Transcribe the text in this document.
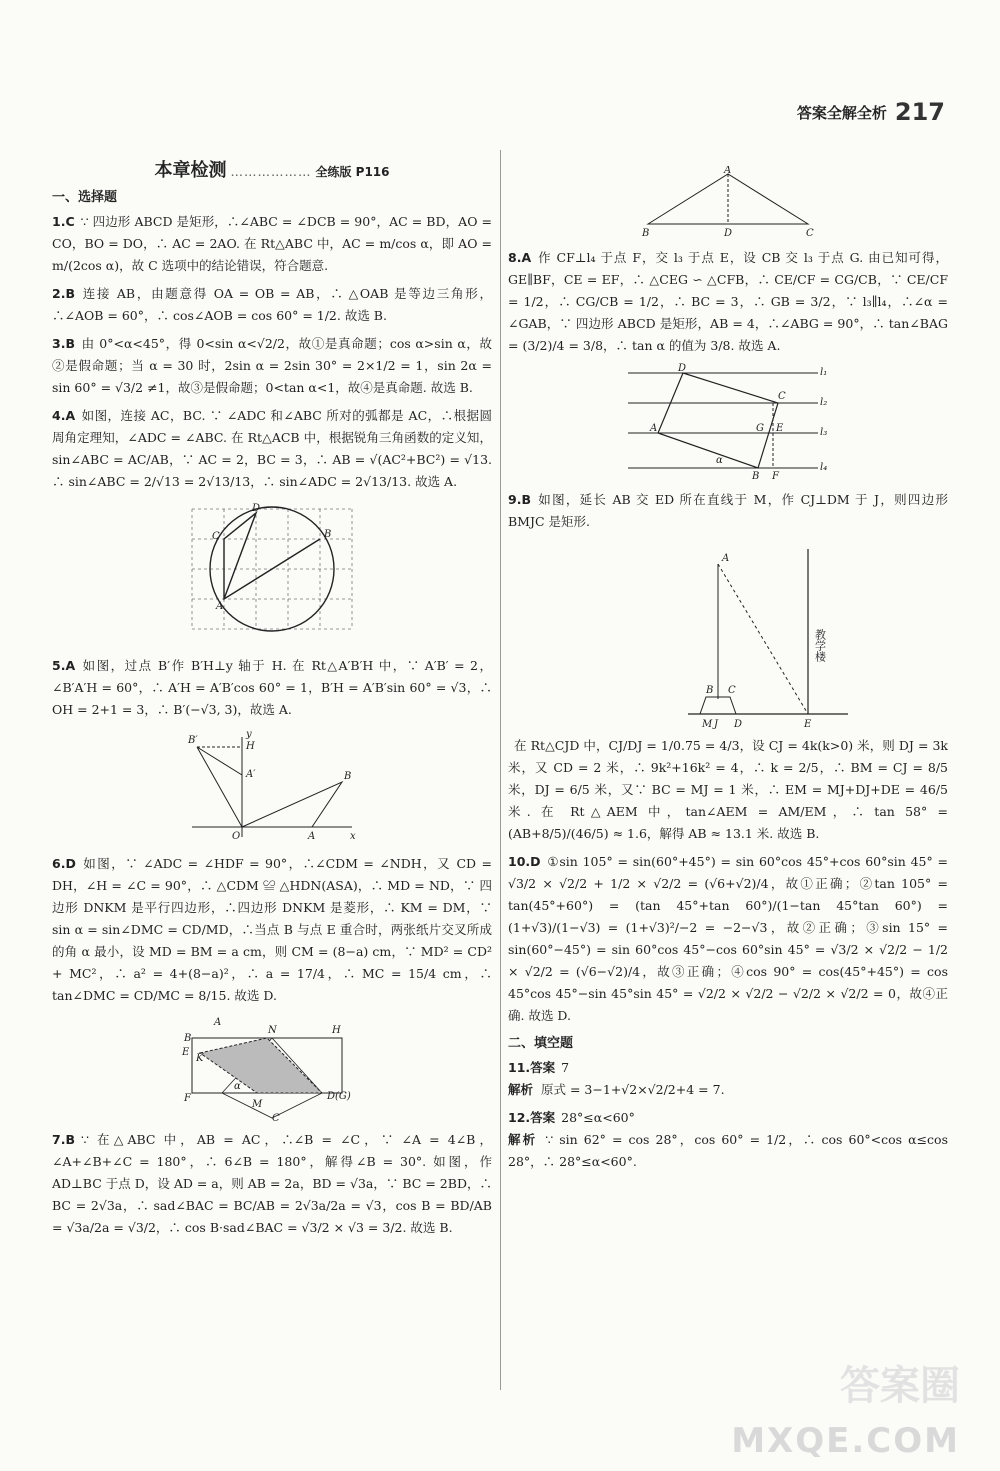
答案全解全析 217
本章检测 ……………… 全练版 P116
一、选择题
1.C ∵ 四边形 ABCD 是矩形，∴∠ABC = ∠DCB = 90°，AC = BD，AO = CO，BO = DO，∴ AC = 2AO. 在 Rt△ABC 中，AC = m/cos α，即 AO = m/(2cos α)，故 C 选项中的结论错误，符合题意.
2.B 连接 AB，由题意得 OA = OB = AB，∴ △OAB 是等边三角形，∴∠AOB = 60°，∴ cos∠AOB = cos 60° = 1/2. 故选 B.
3.B 由 0°<α<45°，得 0<sin α<√2/2，故①是真命题；cos α>sin α，故②是假命题；当 α = 30 时，2sin α = 2sin 30° = 2×1/2 = 1，sin 2α = sin 60° = √3/2 ≠1，故③是假命题；0<tan α<1，故④是真命题. 故选 B.
4.A 如图，连接 AC，BC. ∵ ∠ADC 和∠ABC 所对的弧都是 AC，∴根据圆周角定理知，∠ADC = ∠ABC. 在 Rt△ACB 中，根据锐角三角函数的定义知，sin∠ABC = AC/AB，∵ AC = 2，BC = 3，∴ AB = √(AC²+BC²) = √13. ∴ sin∠ABC = 2/√13 = 2√13/13，∴ sin∠ADC = 2√13/13. 故选 A.
D
C	B
A
5.A 如图，过点 B′作 B′H⊥y 轴于 H. 在 Rt△A′B′H 中，∵ A′B′ = 2，∠B′A′H = 60°，∴ A′H = A′B′cos 60° = 1，B′H = A′B′sin 60° = √3，∴ OH = 2+1 = 3，∴ B′(−√3, 3)，故选 A.
B′
H
A′	B
O	A	x
y
6.D 如图，∵ ∠ADC = ∠HDF = 90°，∴∠CDM = ∠NDH，又 CD = DH，∠H = ∠C = 90°，∴ △CDM ≌ △HDN(ASA)，∴ MD = ND，∵ 四边形 DNKM 是平行四边形，∴四边形 DNKM 是菱形，∴ KM = DM，∵ sin α = sin∠DMC = CD/MD，∴当点 B 与点 E 重合时，两张纸片交叉所成的角 α 最小，设 MD = BM = a cm，则 CM = (8−a) cm，∵ MD² = CD² + MC²，∴ a² = 4+(8−a)²，∴ a = 17/4，∴ MC = 15/4 cm，∴ tan∠DMC = CD/MC = 8/15. 故选 D.
A
B
E
K
N	H
F
M
D(G)
C
α
7.B ∵ 在△ABC 中，AB = AC，∴∠B = ∠C，∵ ∠A = 4∠B，∠A+∠B+∠C = 180°，∴ 6∠B = 180°，解得∠B = 30°. 如图，作 AD⊥BC 于点 D，设 AD = a，则 AB = 2a，BD = √3a，∵ BC = 2BD，∴ BC = 2√3a，∴ sad∠BAC = BC/AB = 2√3a/2a = √3，cos B = BD/AB = √3a/2a = √3/2，∴ cos B·sad∠BAC = √3/2 × √3 = 3/2. 故选 B.
A
B	D	C
8.A 作 CF⊥l₄ 于点 F，交 l₃ 于点 E，设 CB 交 l₃ 于点 G. 由已知可得，GE∥BF，CE = EF，∴ △CEG ∽ △CFB，∴ CE/CF = CG/CB，∵ CE/CF = 1/2，∴ CG/CB = 1/2，∴ BC = 3，∴ GB = 3/2，∵ l₃∥l₄，∴∠α = ∠GAB，∵ 四边形 ABCD 是矩形，AB = 4，∴∠ABG = 90°，∴ tan∠BAG = (3/2)/4 = 3/8，∴ tan α 的值为 3/8. 故选 A.
D
C
A	G E
B F
α
l₁
l₂
l₃
l₄
9.B 如图，延长 AB 交 ED 所在直线于 M，作 CJ⊥DM 于 J，则四边形 BMJC 是矩形.
A
B C
M J D	E
教学楼
在 Rt△CJD 中，CJ/DJ = 1/0.75 = 4/3，设 CJ = 4k(k>0) 米，则 DJ = 3k 米，又 CD = 2 米，∴ 9k²+16k² = 4，∴ k = 2/5，∴ BM = CJ = 8/5 米，DJ = 6/5 米，又∵ BC = MJ = 1 米，∴ EM = MJ+DJ+DE = 46/5 米. 在 Rt△AEM 中，tan∠AEM = AM/EM，∴ tan 58° = (AB+8/5)/(46/5) ≈ 1.6，解得 AB ≈ 13.1 米. 故选 B.
10.D ①sin 105° = sin(60°+45°) = sin 60°cos 45°+cos 60°sin 45° = √3/2 × √2/2 + 1/2 × √2/2 = (√6+√2)/4，故①正确；②tan 105° = tan(45°+60°) = (tan 45°+tan 60°)/(1−tan 45°tan 60°) = (1+√3)/(1−√3) = (1+√3)²/−2 = −2−√3，故②正确；③sin 15° = sin(60°−45°) = sin 60°cos 45°−cos 60°sin 45° = √3/2 × √2/2 − 1/2 × √2/2 = (√6−√2)/4，故③正确；④cos 90° = cos(45°+45°) = cos 45°cos 45°−sin 45°sin 45° = √2/2 × √2/2 − √2/2 × √2/2 = 0，故④正确. 故选 D.
二、填空题
11.答案 7
解析 原式 = 3−1+√2×√2/2+4 = 7.
12.答案 28°≤α<60°
解析 ∵ sin 62° = cos 28°，cos 60° = 1/2，∴ cos 60°<cos α≤cos 28°，∴ 28°≤α<60°.
答案圈
MXQE.COM
